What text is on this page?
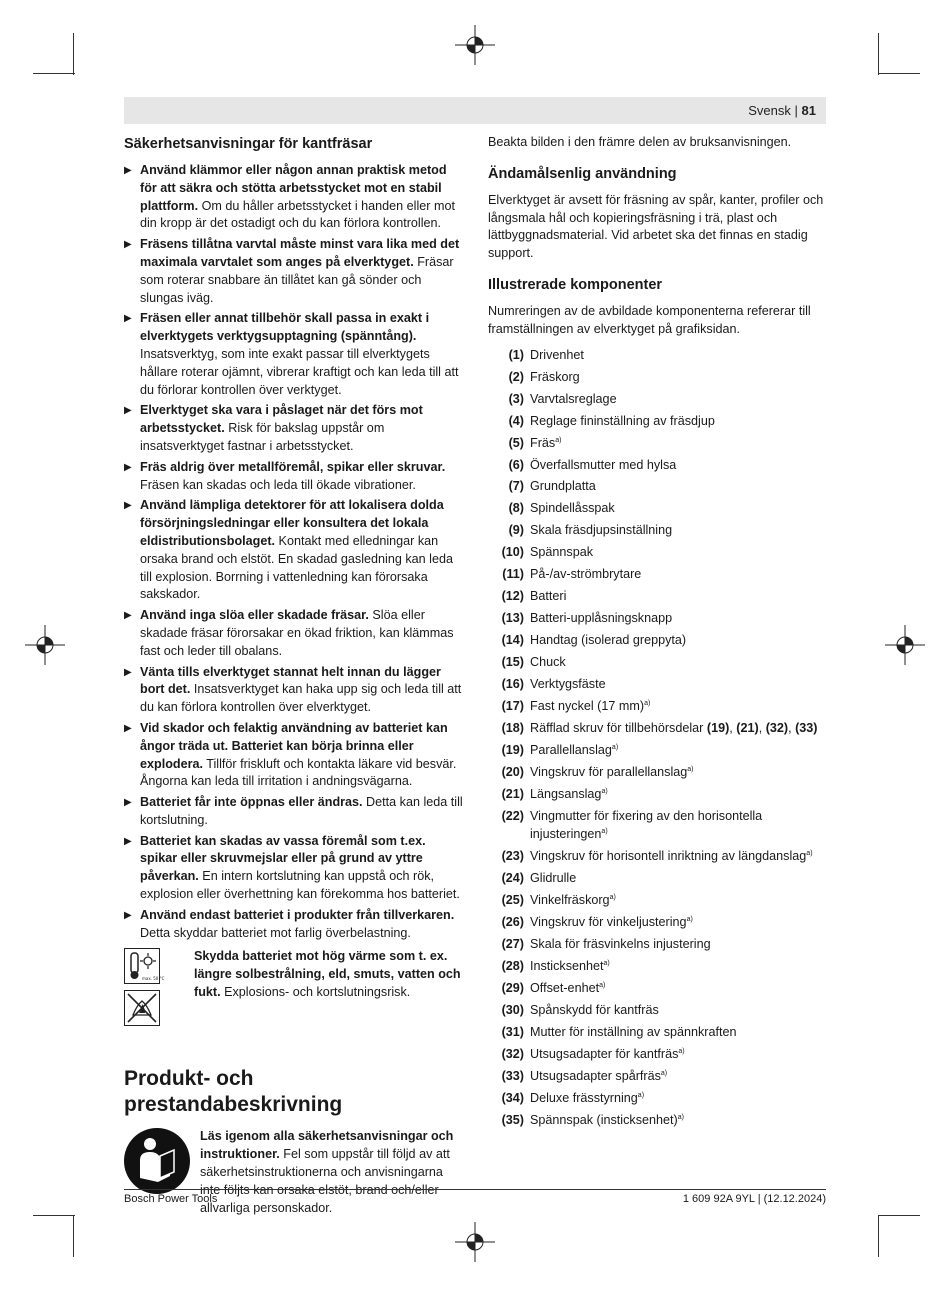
Svensk | 81
Säkerhetsanvisningar för kantfräsar
▶ Använd klämmor eller någon annan praktisk metod för att säkra och stötta arbetsstycket mot en stabil plattform. Om du håller arbetsstycket i handen eller mot din kropp är det ostadigt och du kan förlora kontrollen.
▶ Fräsens tillåtna varvtal måste minst vara lika med det maximala varvtalet som anges på elverktyget. Fräsar som roterar snabbare än tillåtet kan gå sönder och slungas iväg.
▶ Fräsen eller annat tillbehör skall passa in exakt i elverktygets verktygsupptagning (spänntång). Insatsverktyg, som inte exakt passar till elverktygets hållare roterar ojämnt, vibrerar kraftigt och kan leda till att du förlorar kontrollen över verktyget.
▶ Elverktyget ska vara i påslaget när det förs mot arbetsstycket. Risk för bakslag uppstår om insatsverktyget fastnar i arbetsstycket.
▶ Fräs aldrig över metallföremål, spikar eller skruvar. Fräsen kan skadas och leda till ökade vibrationer.
▶ Använd lämpliga detektorer för att lokalisera dolda försörjningsledningar eller konsultera det lokala eldistributionsbolaget. Kontakt med elledningar kan orsaka brand och elstöt. En skadad gasledning kan leda till explosion. Borrning i vattenledning kan förorsaka sakskador.
▶ Använd inga slöa eller skadade fräsar. Slöa eller skadade fräsar förorsakar en ökad friktion, kan klämmas fast och leder till obalans.
▶ Vänta tills elverktyget stannat helt innan du lägger bort det. Insatsverktyget kan haka upp sig och leda till att du kan förlora kontrollen över elverktyget.
▶ Vid skador och felaktig användning av batteriet kan ångor träda ut. Batteriet kan börja brinna eller explodera. Tillför friskluft och kontakta läkare vid besvär. Ångorna kan leda till irritation i andningsvägarna.
▶ Batteriet får inte öppnas eller ändras. Detta kan leda till kortslutning.
▶ Batteriet kan skadas av vassa föremål som t.ex. spikar eller skruvmejslar eller på grund av yttre påverkan. En intern kortslutning kan uppstå och rök, explosion eller överhettning kan förekomma hos batteriet.
▶ Använd endast batteriet i produkter från tillverkaren. Detta skyddar batteriet mot farlig överbelastning.
max. 50 °C
Skydda batteriet mot hög värme som t. ex. längre solbestrålning, eld, smuts, vatten och fukt. Explosions- och kortslutningsrisk.
Produkt- och prestandabeskrivning
Läs igenom alla säkerhetsanvisningar och instruktioner. Fel som uppstår till följd av att säkerhetsinstruktionerna och anvisningarna allvarliga personskador.

Beakta bilden i den främre delen av bruksanvisningen.

Ändamålsenlig användning

Elverktyget är avsett för fräsning av spår, kanter, profiler och långsmala hål och kopieringsfräsning i trä, plast och lättbyggnadsmaterial. Vid arbetet ska det finnas en stadig support.

Illustrerade komponenter

Numreringen av de avbildade komponenterna refererar till framställningen av elverktyget på grafiksidan.

(1) Drivenhet
(2) Fräskorg
(3) Varvtalsreglage
(4) Reglage fininställning av fräsdjup
(5) Fräs$^{a)}$
(6) Överfallsmutter med hylsa
(7) Grundplatta
(8) Spindellåsspak
(9) Skala fräsdjupsinställning
(10) Spännspak
(11) På-/av-strömbrytare
(12) Batteri
(13) Batteri-upplåsningsknapp
(14) Handtag (isolerad greppyta)
(15) Chuck
(16) Verktygsfäste
(17) Fast nyckel (17 mm)$^{a)}$
(18) Räfflad skruv för tillbehörsdelar (19), (21), (32), (33)
(19) Parallellanslag$^{a)}$
(20) Vingskruv för parallellanslag$^{a)}$
(21) Längsanslag$^{a)}$
(22) Vingmutter för fixering av den horisontella injusteringen$^{a)}$
(23) Vingskruv för horisontell inriktning av längdanslag$^{a)}$
(24) Glidrulle
(25) Vinkelfräskorg$^{a)}$
(26) Vingskruv för vinkeljustering$^{a)}$
(27) Skala för fräsvinkelns injustering
(28) Insticksenhet$^{a)}$
(29) Offset-enhet$^{a)}$
(30) Spånskydd för kantfräs
(31) Mutter för inställning av spännkraften
(32) Utsugsadapter för kantfräs$^{a)}$
(33) Utsugsadapter spårfräs$^{a)}$
(34) Deluxe frässtyrning$^{a)}$
(35) Spännspak (insticksenhet)$^{a)}$
Bosch Power Tools	1 609 92A 9YL | (12.12.2024)
